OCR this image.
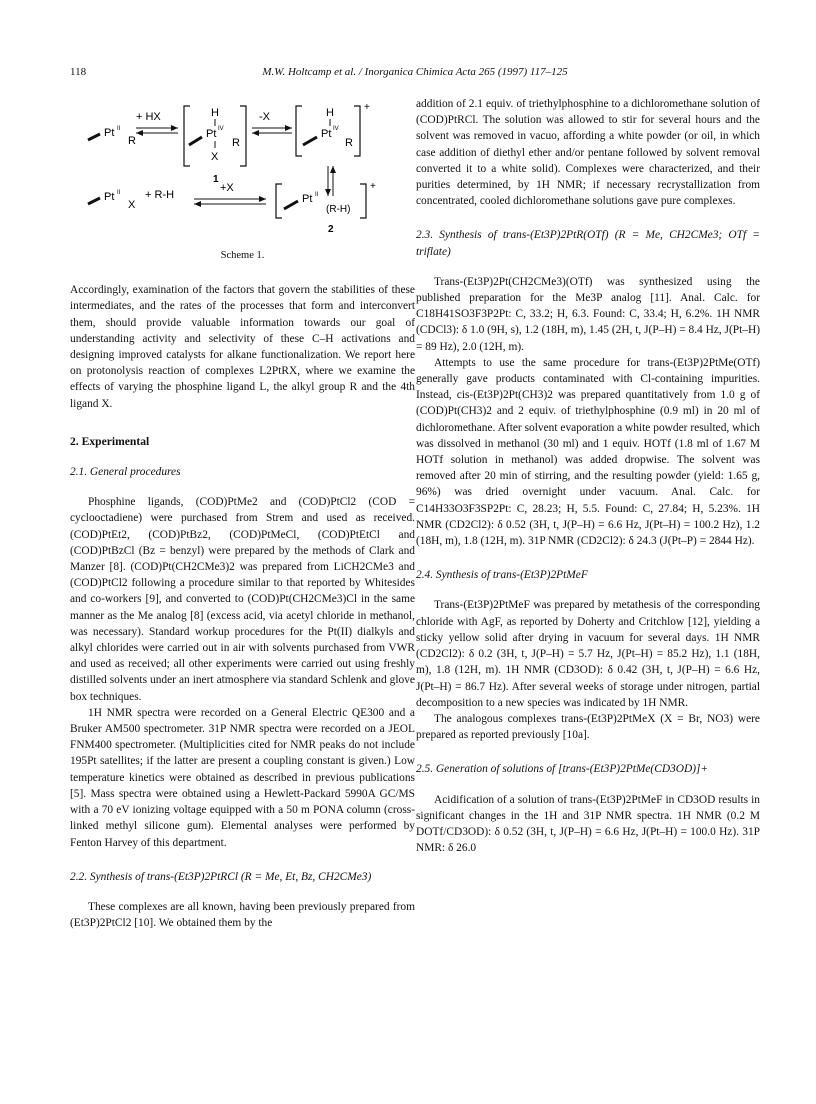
118	M.W. Holtcamp et al. / Inorganica Chimica Acta 265 (1997) 117–125
Pt II
R
+ HX	H
Pt IV
R
X
1
-X
+
H
Pt IV
R
Pt II
X
+ R-H
+X	+
Pt II
(R-H)
2
Scheme 1.

Accordingly, examination of the factors that govern the stabilities of these intermediates, and the rates of the processes that form and interconvert them, should provide valuable information towards our goal of understanding activity and selectivity of these C–H activations and designing improved catalysts for alkane functionalization. We report here on protonolysis reaction of complexes L2PtRX, where we examine the effects of varying the phosphine ligand L, the alkyl group R and the 4th ligand X.

2. Experimental
2.1. General procedures

Phosphine ligands, (COD)PtMe2 and (COD)PtCl2 (COD = cyclooctadiene) were purchased from Strem and used as received. (COD)PtEt2, (COD)PtBz2, (COD)PtMeCl, (COD)PtEtCl and (COD)PtBzCl (Bz = benzyl) were prepared by the methods of Clark and Manzer [8]. (COD)Pt(CH2CMe3)2 was prepared from LiCH2CMe3 and (COD)PtCl2 following a procedure similar to that reported by Whitesides and co-workers [9], and converted to (COD)Pt(CH2CMe3)Cl in the same manner as the Me analog [8] (excess acid, via acetyl chloride in methanol, was necessary). Standard workup procedures for the Pt(II) dialkyls and alkyl chlorides were carried out in air with solvents purchased from VWR and used as received; all other experiments were carried out using freshly distilled solvents under an inert atmosphere via standard Schlenk and glove box techniques.

1H NMR spectra were recorded on a General Electric QE300 and a Bruker AM500 spectrometer. 31P NMR spectra were recorded on a JEOL FNM400 spectrometer. (Multiplicities cited for NMR peaks do not include 195Pt satellites; if the latter are present a coupling constant is given.) Low temperature kinetics were obtained as described in previous publications [5]. Mass spectra were obtained using a Hewlett-Packard 5990A GC/MS with a 70 eV ionizing voltage equipped with a 50 m PONA column (cross-linked methyl silicone gum). Elemental analyses were performed by Fenton Harvey of this department.

2.2. Synthesis of trans-(Et3P)2PtRCl (R = Me, Et, Bz, CH2CMe3)

These complexes are all known, having been previously prepared from (Et3P)2PtCl2 [10]. We obtained them by the

addition of 2.1 equiv. of triethylphosphine to a dichloromethane solution of (COD)PtRCl. The solution was allowed to stir for several hours and the solvent was removed in vacuo, affording a white powder (or oil, in which case addition of diethyl ether and/or pentane followed by solvent removal converted it to a white solid). Complexes were characterized, and their purities determined, by 1H NMR; if necessary recrystallization from concentrated, cooled dichloromethane solutions gave pure complexes.

2.3. Synthesis of trans-(Et3P)2PtR(OTf) (R = Me, CH2CMe3; OTf = triflate)

Trans-(Et3P)2Pt(CH2CMe3)(OTf) was synthesized using the published preparation for the Me3P analog [11]. Anal. Calc. for C18H41SO3F3P2Pt: C, 33.2; H, 6.3. Found: C, 33.4; H, 6.2%. 1H NMR (CDCl3): δ 1.0 (9H, s), 1.2 (18H, m), 1.45 (2H, t, J(P–H) = 8.4 Hz, J(Pt–H) = 89 Hz), 2.0 (12H, m).

Attempts to use the same procedure for trans-(Et3P)2PtMe(OTf) generally gave products contaminated with Cl-containing impurities. Instead, cis-(Et3P)2Pt(CH3)2 was prepared quantitatively from 1.0 g of (COD)Pt(CH3)2 and 2 equiv. of triethylphosphine (0.9 ml) in 20 ml of dichloromethane. After solvent evaporation a white powder resulted, which was dissolved in methanol (30 ml) and 1 equiv. HOTf (1.8 ml of 1.67 M HOTf solution in methanol) was added dropwise. The solvent was removed after 20 min of stirring, and the resulting powder (yield: 1.65 g, 96%) was dried overnight under vacuum. Anal. Calc. for C14H33O3F3SP2Pt: C, 28.23; H, 5.5. Found: C, 27.84; H, 5.23%. 1H NMR (CD2Cl2): δ 0.52 (3H, t, J(P–H) = 6.6 Hz, J(Pt–H) = 100.2 Hz), 1.2 (18H, m), 1.8 (12H, m). 31P NMR (CD2Cl2): δ 24.3 (J(Pt–P) = 2844 Hz).

2.4. Synthesis of trans-(Et3P)2PtMeF

Trans-(Et3P)2PtMeF was prepared by metathesis of the corresponding chloride with AgF, as reported by Doherty and Critchlow [12], yielding a sticky yellow solid after drying in vacuum for several days. 1H NMR (CD2Cl2): δ 0.2 (3H, t, J(P–H) = 5.7 Hz, J(Pt–H) = 85.2 Hz), 1.1 (18H, m), 1.8 (12H, m). 1H NMR (CD3OD): δ 0.42 (3H, t, J(P–H) = 6.6 Hz, J(Pt–H) = 86.7 Hz). After several weeks of storage under nitrogen, partial decomposition to a new species was indicated by 1H NMR.

The analogous complexes trans-(Et3P)2PtMeX (X = Br, NO3) were prepared as reported previously [10a].

2.5. Generation of solutions of [trans-(Et3P)2PtMe(CD3OD)]+

Acidification of a solution of trans-(Et3P)2PtMeF in CD3OD results in significant changes in the 1H and 31P NMR spectra. 1H NMR (0.2 M DOTf/CD3OD): δ 0.52 (3H, t, J(P–H) = 6.6 Hz, J(Pt–H) = 100.0 Hz). 31P NMR: δ 26.0
